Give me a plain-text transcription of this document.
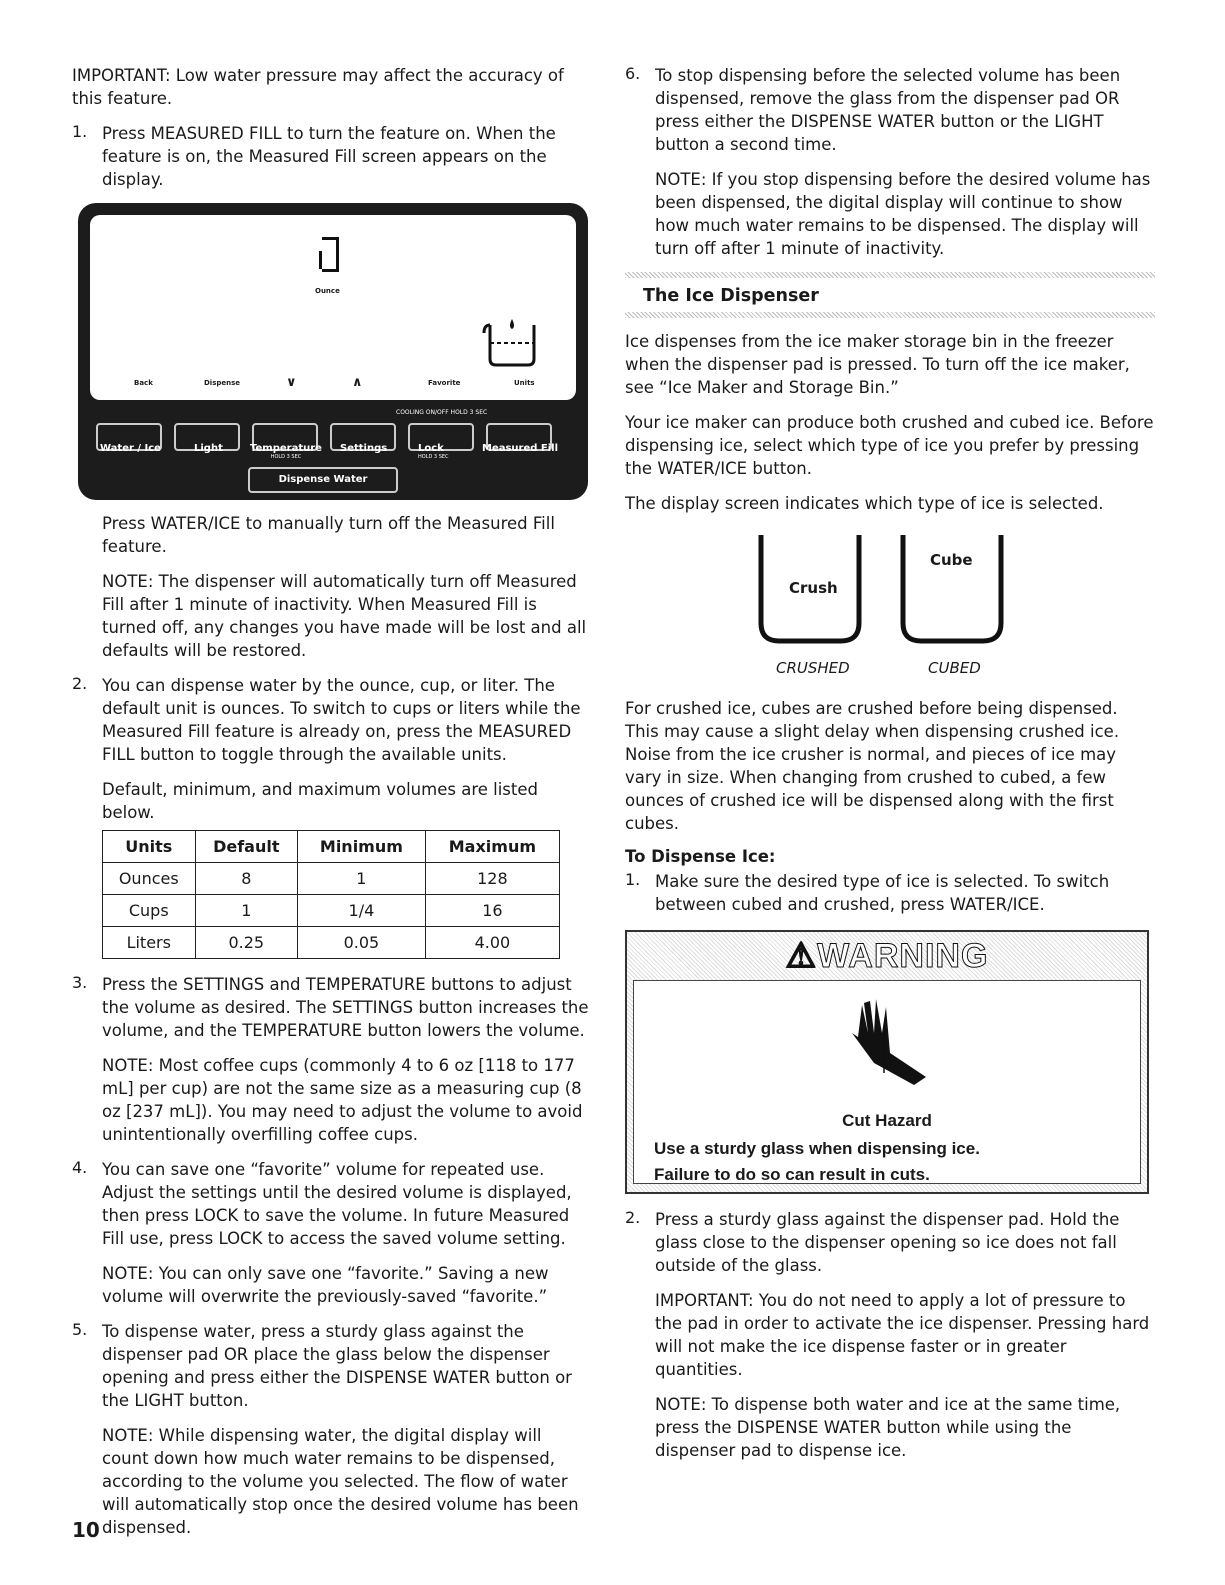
IMPORTANT: Low water pressure may affect the accuracy of this feature.

1. Press MEASURED FILL to turn the feature on. When the feature is on, the Measured Fill screen appears on the display.

Ounce
Back	Dispense	∨	∧	Favorite	Units
COOLING ON/OFF HOLD 3 SEC
Water / Ice	Light	Temperature
HOLD 3 SEC
Settings	Lock
HOLD 3 SEC
Measured Fill
Dispense Water

Press WATER/ICE to manually turn off the Measured Fill feature.

NOTE: The dispenser will automatically turn off Measured Fill after 1 minute of inactivity. When Measured Fill is turned off, any changes you have made will be lost and all defaults will be restored.

2. You can dispense water by the ounce, cup, or liter. The default unit is ounces. To switch to cups or liters while the Measured Fill feature is already on, press the MEASURED FILL button to toggle through the available units.

Default, minimum, and maximum volumes are listed below.

Units	Default	Minimum	Maximum
Ounces	8	1	128
Cups	1	1/4	16
Liters	0.25	0.05	4.00
3. Press the SETTINGS and TEMPERATURE buttons to adjust the volume as desired. The SETTINGS button increases the volume, and the TEMPERATURE button lowers the volume.

NOTE: Most coffee cups (commonly 4 to 6 oz [118 to 177 mL] per cup) are not the same size as a measuring cup (8 oz [237 mL]). You may need to adjust the volume to avoid unintentionally overfilling coffee cups.

4. You can save one “favorite” volume for repeated use. Adjust the settings until the desired volume is displayed, then press LOCK to save the volume. In future Measured Fill use, press LOCK to access the saved volume setting.

NOTE: You can only save one “favorite.” Saving a new volume will overwrite the previously-saved “favorite.”

5. To dispense water, press a sturdy glass against the dispenser pad OR place the glass below the dispenser opening and press either the DISPENSE WATER button or the LIGHT button.

NOTE: While dispensing water, the digital display will count down how much water remains to be dispensed, according to the volume you selected. The flow of water will automatically stop once the desired volume has been dispensed.

6. To stop dispensing before the selected volume has been dispensed, remove the glass from the dispenser pad OR press either the DISPENSE WATER button or the LIGHT button a second time.

NOTE: If you stop dispensing before the desired volume has been dispensed, the digital display will continue to show how much water remains to be dispensed. The display will turn off after 1 minute of inactivity.

The Ice Dispenser

Ice dispenses from the ice maker storage bin in the freezer when the dispenser pad is pressed. To turn off the ice maker, see “Ice Maker and Storage Bin.”

Your ice maker can produce both crushed and cubed ice. Before dispensing ice, select which type of ice you prefer by pressing the WATER/ICE button.

The display screen indicates which type of ice is selected.

Crush
Cube
CRUSHED	CUBED

For crushed ice, cubes are crushed before being dispensed. This may cause a slight delay when dispensing crushed ice. Noise from the ice crusher is normal, and pieces of ice may vary in size. When changing from crushed to cubed, a few ounces of crushed ice will be dispensed along with the first cubes.

To Dispense Ice:
1. Make sure the desired type of ice is selected. To switch between cubed and crushed, press WATER/ICE.

⚠WARNING
Cut Hazard
Use a sturdy glass when dispensing ice.
Failure to do so can result in cuts.
2. Press a sturdy glass against the dispenser pad. Hold the glass close to the dispenser opening so ice does not fall outside of the glass.

IMPORTANT: You do not need to apply a lot of pressure to the pad in order to activate the ice dispenser. Pressing hard will not make the ice dispense faster or in greater quantities.

NOTE: To dispense both water and ice at the same time, press the DISPENSE WATER button while using the dispenser pad to dispense ice.

10
